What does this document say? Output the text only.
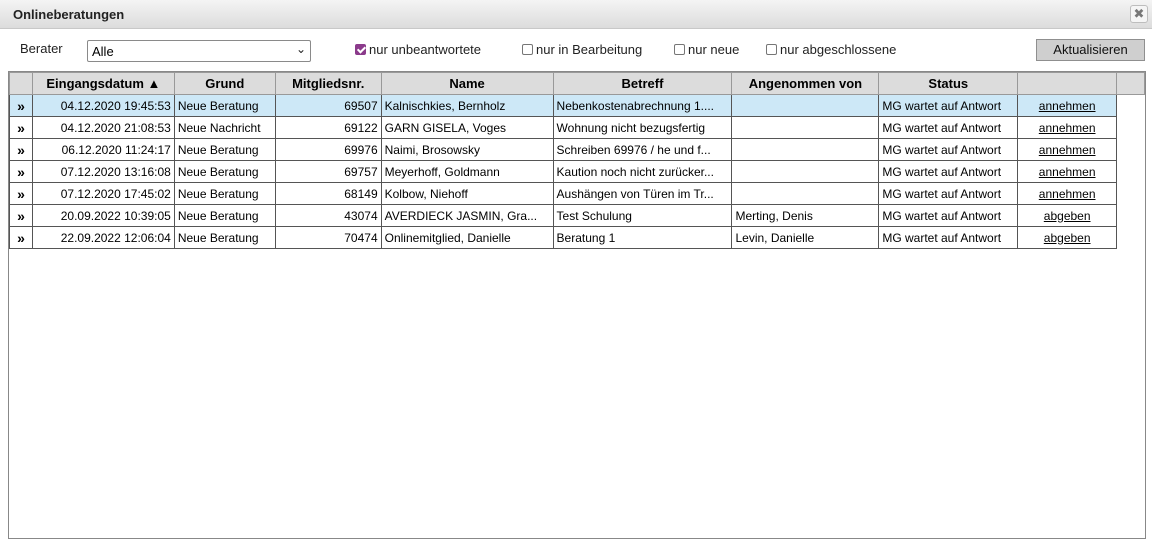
Onlineberatungen	✖
Berater	Alle	⌄	nur unbeantwortete	nur in Bearbeitung	nur neue	nur abgeschlossene	Aktualisieren
	Eingangsdatum ▲	Grund	Mitgliedsnr.	Name	Betreff	Angenommen von	Status		
»	04.12.2020 19:45:53	Neue Beratung	69507	Kalnischkies, Bernholz	Nebenkostenabrechnung 1....		MG wartet auf Antwort	annehmen	
»	04.12.2020 21:08:53	Neue Nachricht	69122	GARN GISELA, Voges	Wohnung nicht bezugsfertig		MG wartet auf Antwort	annehmen	
»	06.12.2020 11:24:17	Neue Beratung	69976	Naimi, Brosowsky	Schreiben 69976 / he und f...		MG wartet auf Antwort	annehmen	
»	07.12.2020 13:16:08	Neue Beratung	69757	Meyerhoff, Goldmann	Kaution noch nicht zurücker...		MG wartet auf Antwort	annehmen	
»	07.12.2020 17:45:02	Neue Beratung	68149	Kolbow, Niehoff	Aushängen von Türen im Tr...		MG wartet auf Antwort	annehmen	
»	20.09.2022 10:39:05	Neue Beratung	43074	AVERDIECK JASMIN, Gra...	Test Schulung	Merting, Denis	MG wartet auf Antwort	abgeben	
»	22.09.2022 12:06:04	Neue Beratung	70474	Onlinemitglied, Danielle	Beratung 1	Levin, Danielle	MG wartet auf Antwort	abgeben	
